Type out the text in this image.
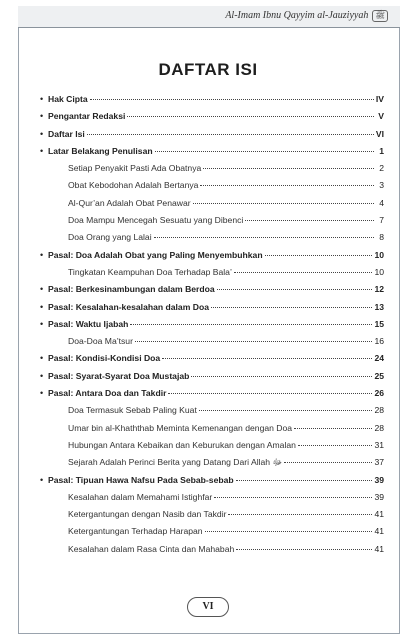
Al-Imam Ibnu Qayyim al-Jauziyyah ﷺ
DAFTAR ISI
• Hak Cipta	IV
• Pengantar Redaksi	V
• Daftar Isi	VI
• Latar Belakang Penulisan	1
Setiap Penyakit Pasti Ada Obatnya	2
Obat Kebodohan Adalah Bertanya	3
Al-Qur’an Adalah Obat Penawar	4
Doa Mampu Mencegah Sesuatu yang Dibenci	7
Doa Orang yang Lalai	8
• Pasal: Doa Adalah Obat yang Paling Menyembuhkan	10
Tingkatan Keampuhan Doa Terhadap Bala’	10
• Pasal: Berkesinambungan dalam Berdoa	12
• Pasal: Kesalahan-kesalahan dalam Doa	13
• Pasal: Waktu Ijabah	15
Doa-Doa Ma’tsur	16
• Pasal: Kondisi-Kondisi Doa	24
• Pasal: Syarat-Syarat Doa Mustajab	25
• Pasal: Antara Doa dan Takdir	26
Doa Termasuk Sebab Paling Kuat	28
Umar bin al-Khaththab Meminta Kemenangan dengan Doa	28
Hubungan Antara Kebaikan dan Keburukan dengan Amalan	31
Sejarah Adalah Perinci Berita yang Datang Dari Allah ﷻ	37
• Pasal: Tipuan Hawa Nafsu Pada Sebab-sebab	39
Kesalahan dalam Memahami Istighfar	39
Ketergantungan dengan Nasib dan Takdir	41
Ketergantungan Terhadap Harapan	41
Kesalahan dalam Rasa Cinta dan Mahabah	41
VI
